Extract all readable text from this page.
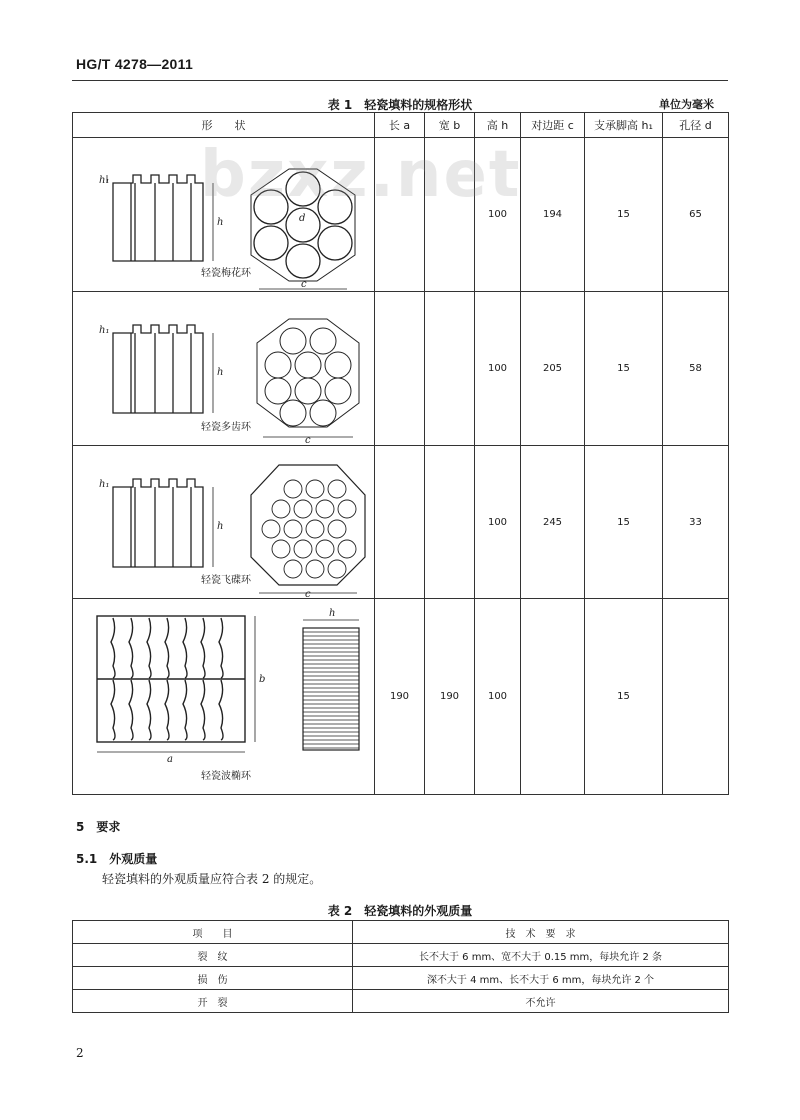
HG/T 4278—2011
表 1　轻瓷填料的规格形状	单位为毫米
形　　状	长 a	宽 b	高 h	对边距 c	支承脚高 h₁	孔径 d

h₁
h d
c
轻瓷梅花环			100	194	15	65

h₁
h
c
轻瓷多齿环			100	205	15	58

h₁
h
c
轻瓷飞碟环			100	245	15	33

a
b
h
轻瓷波椭环	190	190	100		15	
bzxz.net
5　要求
5.1　外观质量
轻瓷填料的外观质量应符合表 2 的规定。
表 2　轻瓷填料的外观质量
项　　目	技　术　要　求
裂　纹	长不大于 6 mm、宽不大于 0.15 mm，每块允许 2 条
损　伤	深不大于 4 mm、长不大于 6 mm，每块允许 2 个
开　裂	不允许
2
